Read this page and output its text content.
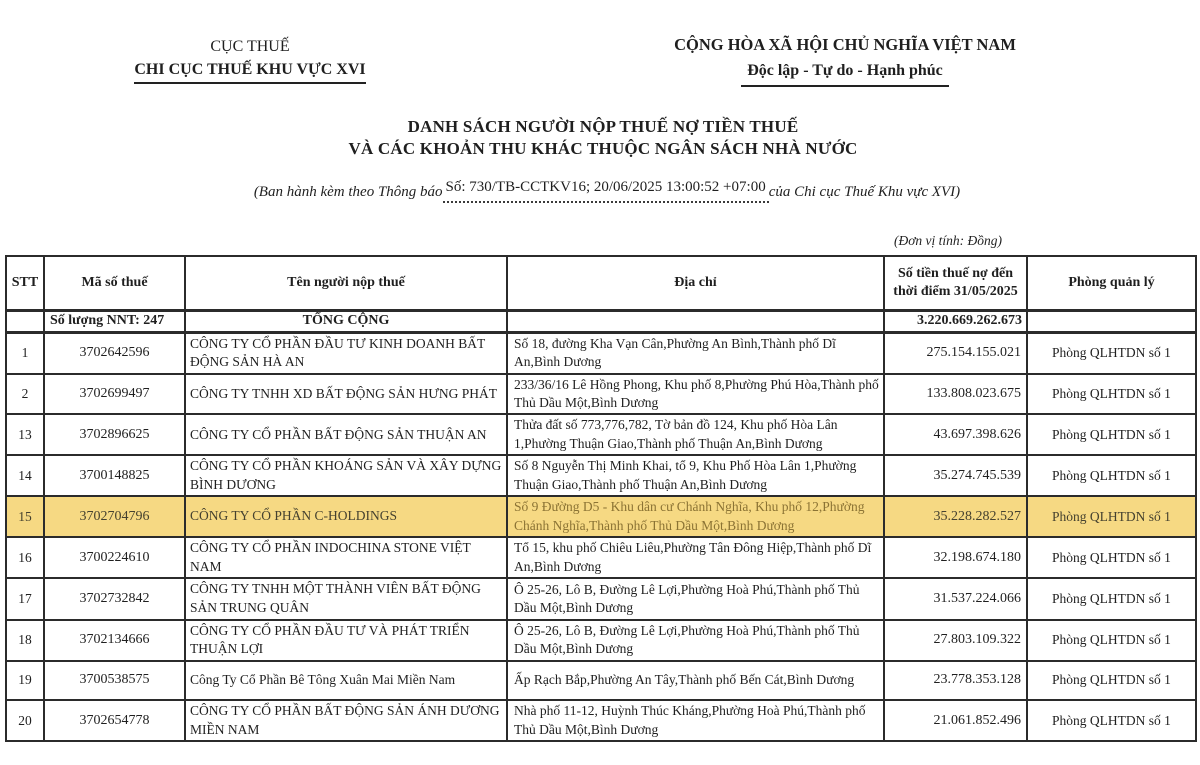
CỤC THUẾ
CHI CỤC THUẾ KHU VỰC XVI
CỘNG HÒA XÃ HỘI CHỦ NGHĨA VIỆT NAM
Độc lập - Tự do - Hạnh phúc
DANH SÁCH NGƯỜI NỘP THUẾ NỢ TIỀN THUẾ
VÀ CÁC KHOẢN THU KHÁC THUỘC NGÂN SÁCH NHÀ NƯỚC
(Ban hành kèm theo Thông báo Số: 730/TB-CCTKV16; 20/06/2025 13:00:52 +07:00 của Chi cục Thuế Khu vực XVI)
(Đơn vị tính: Đồng)
STT	Mã số thuế	Tên người nộp thuế	Địa chỉ	Số tiền thuế nợ đến thời điểm 31/05/2025	Phòng quản lý
	Số lượng NNT: 247	TỔNG CỘNG		3.220.669.262.673	
1	3702642596	CÔNG TY CỔ PHẦN ĐẦU TƯ KINH DOANH BẤT ĐỘNG SẢN HÀ AN	Số 18, đường Kha Vạn Cân,Phường An Bình,Thành phố Dĩ An,Bình Dương	275.154.155.021	Phòng QLHTDN số 1
2	3702699497	CÔNG TY TNHH XD BẤT ĐỘNG SẢN HƯNG PHÁT	233/36/16 Lê Hồng Phong, Khu phố 8,Phường Phú Hòa,Thành phố Thủ Dầu Một,Bình Dương	133.808.023.675	Phòng QLHTDN số 1
13	3702896625	CÔNG TY CỔ PHẦN BẤT ĐỘNG SẢN THUẬN AN	Thửa đất số 773,776,782, Tờ bản đồ 124, Khu phố Hòa Lân 1,Phường Thuận Giao,Thành phố Thuận An,Bình Dương	43.697.398.626	Phòng QLHTDN số 1
14	3700148825	CÔNG TY CỔ PHẦN KHOÁNG SẢN VÀ XÂY DỰNG BÌNH DƯƠNG	Số 8 Nguyễn Thị Minh Khai, tổ 9, Khu Phố Hòa Lân 1,Phường Thuận Giao,Thành phố Thuận An,Bình Dương	35.274.745.539	Phòng QLHTDN số 1
15	3702704796	CÔNG TY CỔ PHẦN C-HOLDINGS	Số 9 Đường D5 - Khu dân cư Chánh Nghĩa, Khu phố 12,Phường Chánh Nghĩa,Thành phố Thủ Dầu Một,Bình Dương	35.228.282.527	Phòng QLHTDN số 1
16	3700224610	CÔNG TY CỔ PHẦN INDOCHINA STONE VIỆT NAM	Tổ 15, khu phố Chiêu Liêu,Phường Tân Đông Hiệp,Thành phố Dĩ An,Bình Dương	32.198.674.180	Phòng QLHTDN số 1
17	3702732842	CÔNG TY TNHH MỘT THÀNH VIÊN BẤT ĐỘNG SẢN TRUNG QUÂN	Ô 25-26, Lô B, Đường Lê Lợi,Phường Hoà Phú,Thành phố Thủ Dầu Một,Bình Dương	31.537.224.066	Phòng QLHTDN số 1
18	3702134666	CÔNG TY CỔ PHẦN ĐẦU TƯ VÀ PHÁT TRIỂN THUẬN LỢI	Ô 25-26, Lô B, Đường Lê Lợi,Phường Hoà Phú,Thành phố Thủ Dầu Một,Bình Dương	27.803.109.322	Phòng QLHTDN số 1
19	3700538575	Công Ty Cổ Phần Bê Tông Xuân Mai Miền Nam	Ấp Rạch Bắp,Phường An Tây,Thành phố Bến Cát,Bình Dương	23.778.353.128	Phòng QLHTDN số 1
20	3702654778	CÔNG TY CỔ PHẦN BẤT ĐỘNG SẢN ÁNH DƯƠNG MIỀN NAM	Nhà phố 11-12, Huỳnh Thúc Kháng,Phường Hoà Phú,Thành phố Thủ Dầu Một,Bình Dương	21.061.852.496	Phòng QLHTDN số 1
